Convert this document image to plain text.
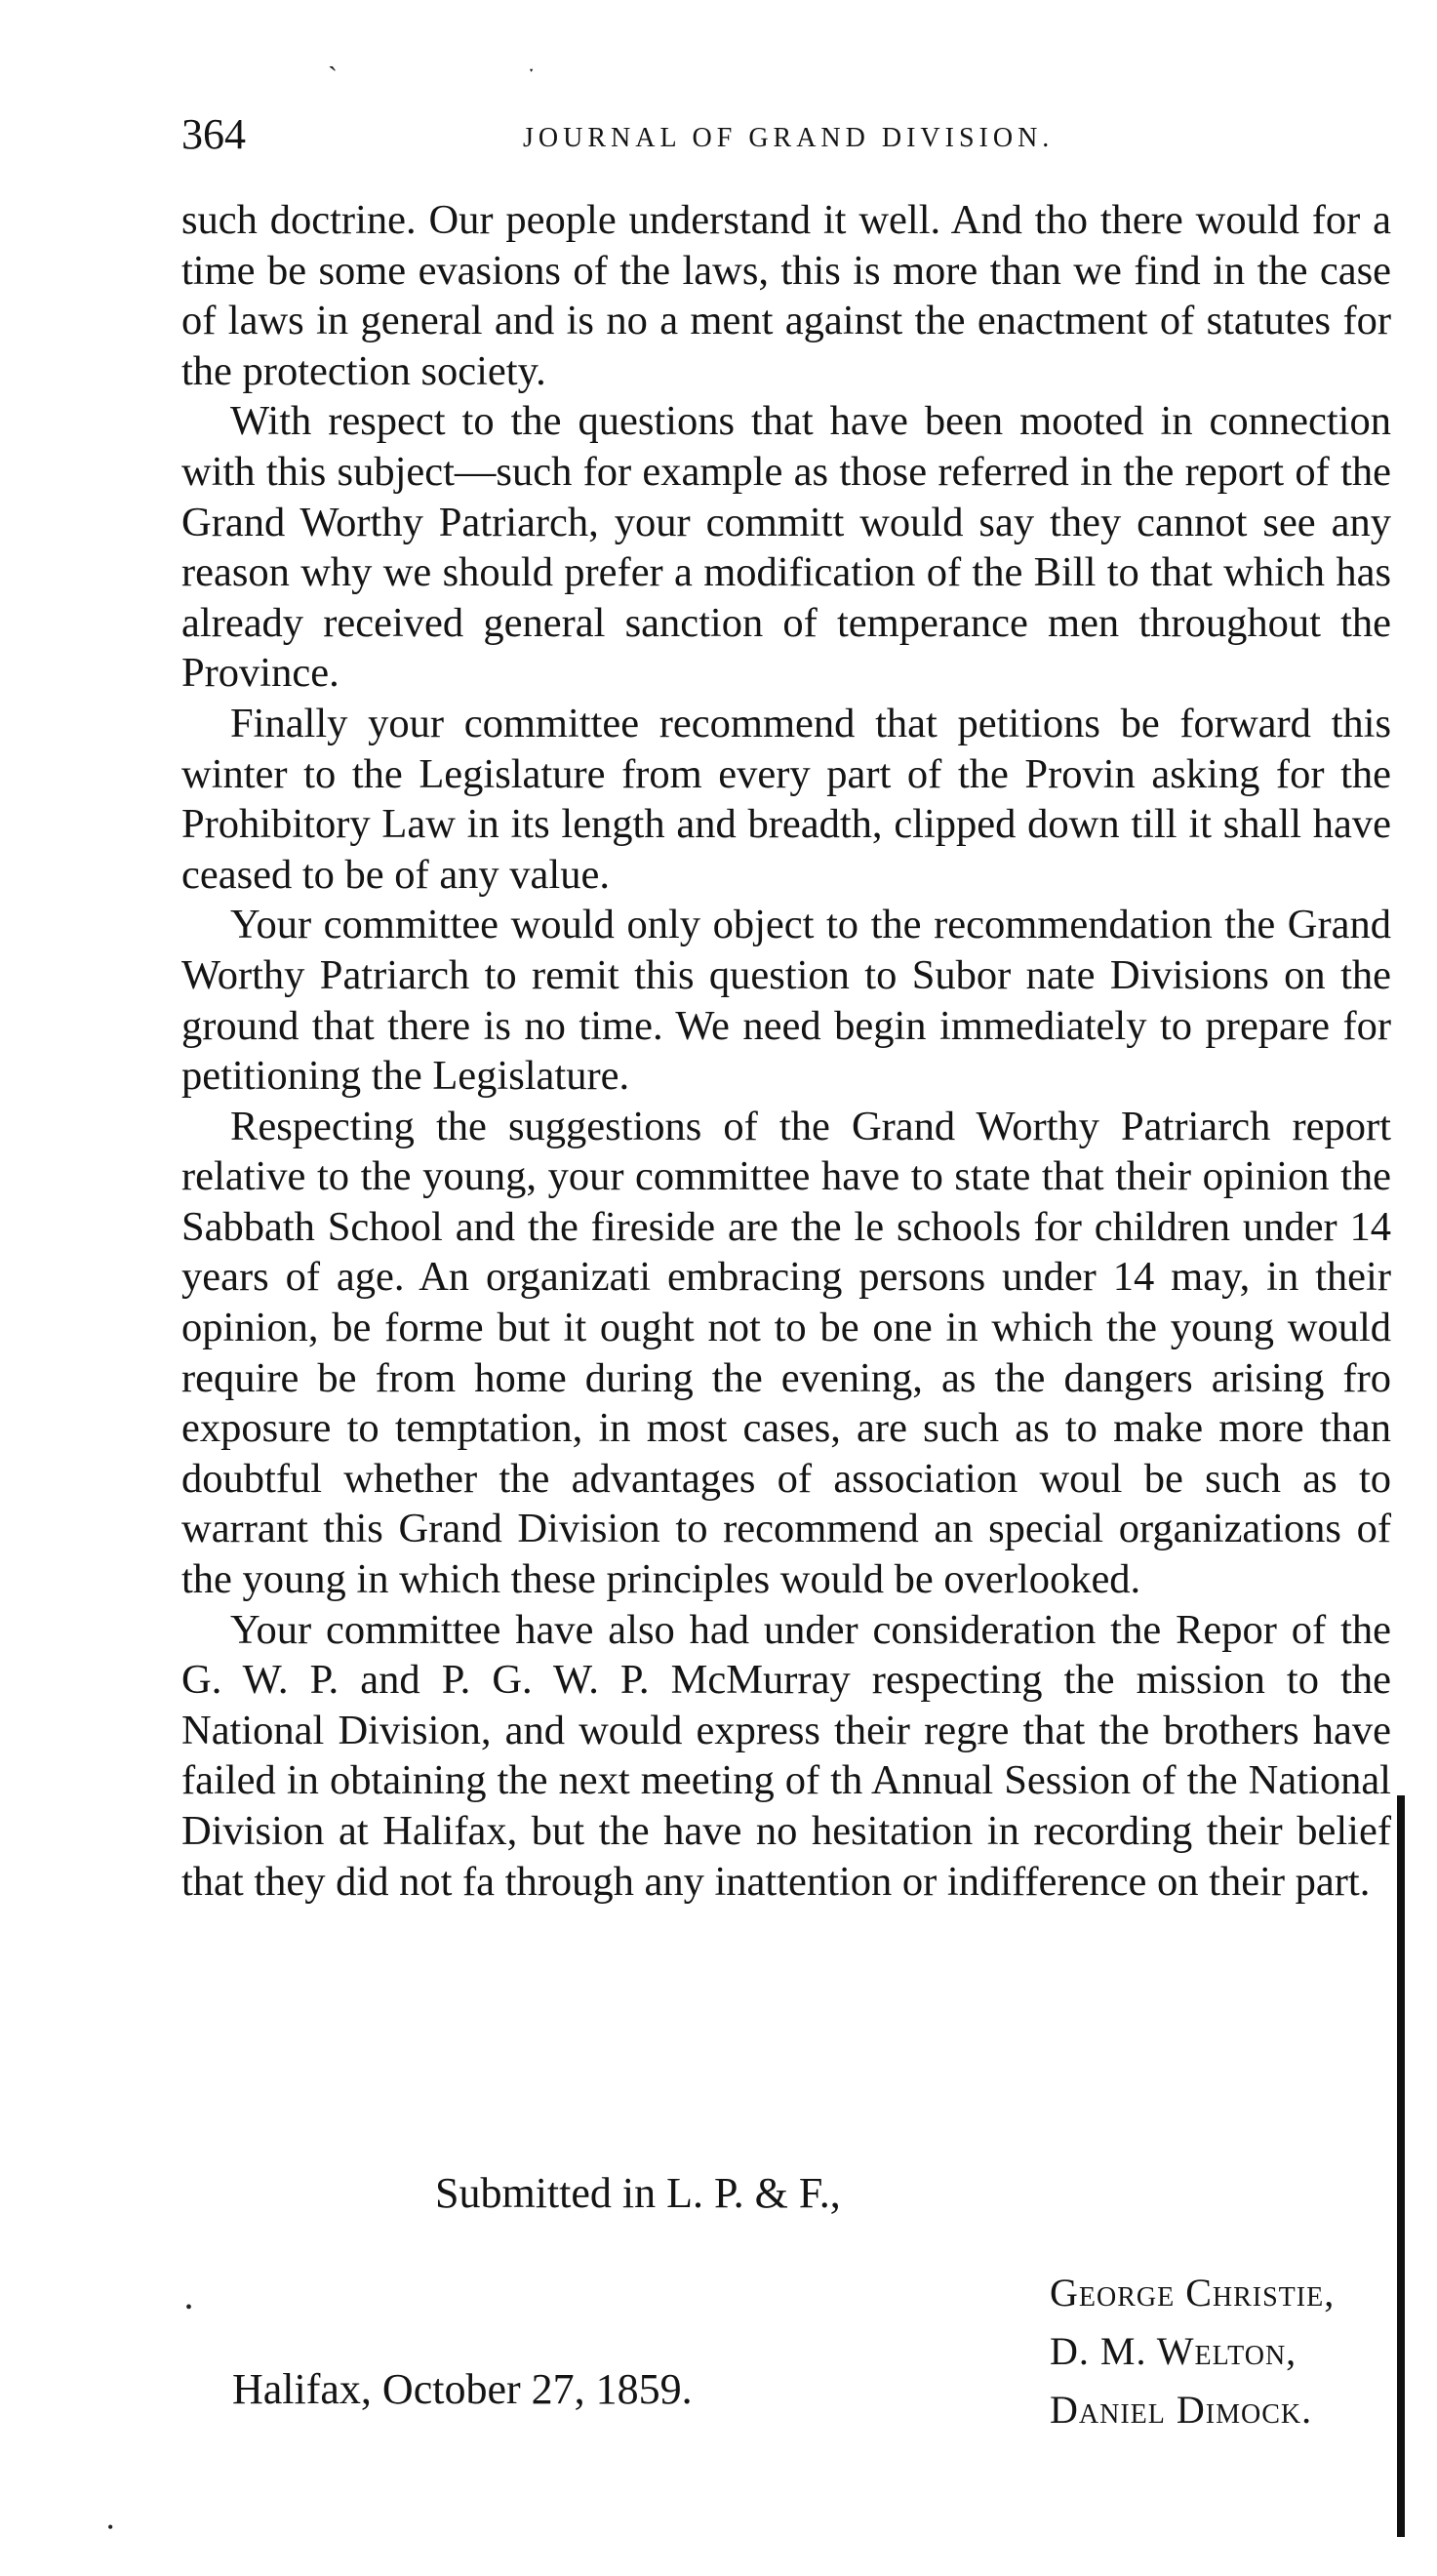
ˎ
ˑ
364	JOURNAL OF GRAND DIVISION.

such doctrine. Our people understand it well. And tho there would for a time be some evasions of the laws, this is more than we find in the case of laws in general and is no a ment against the enactment of statutes for the protection society.

With respect to the questions that have been mooted in connection with this subject—such for example as those referred in the report of the Grand Worthy Patriarch, your committ would say they cannot see any reason why we should prefer a modification of the Bill to that which has already received general sanction of temperance men throughout the Province.

Finally your committee recommend that petitions be forward this winter to the Legislature from every part of the Provin asking for the Prohibitory Law in its length and breadth, clipped down till it shall have ceased to be of any value.

Your committee would only object to the recommendation the Grand Worthy Patriarch to remit this question to Subor nate Divisions on the ground that there is no time. We need begin immediately to prepare for petitioning the Legislature.

Respecting the suggestions of the Grand Worthy Patriarch report relative to the young, your committee have to state that their opinion the Sabbath School and the fireside are the le schools for children under 14 years of age. An organizati embracing persons under 14 may, in their opinion, be forme but it ought not to be one in which the young would require be from home during the evening, as the dangers arising fro exposure to temptation, in most cases, are such as to make more than doubtful whether the advantages of association woul be such as to warrant this Grand Division to recommend an special organizations of the young in which these principles would be overlooked.

Your committee have also had under consideration the Repor of the G. W. P. and P. G. W. P. McMurray respecting the mission to the National Division, and would express their regre that the brothers have failed in obtaining the next meeting of th Annual Session of the National Division at Halifax, but the have no hesitation in recording their belief that they did not fa through any inattention or indifference on their part.

Submitted in L. P. & F.,
George Christie,
D. M. Welton,
Daniel Dimock.
•
Halifax, October 27, 1859.
•
